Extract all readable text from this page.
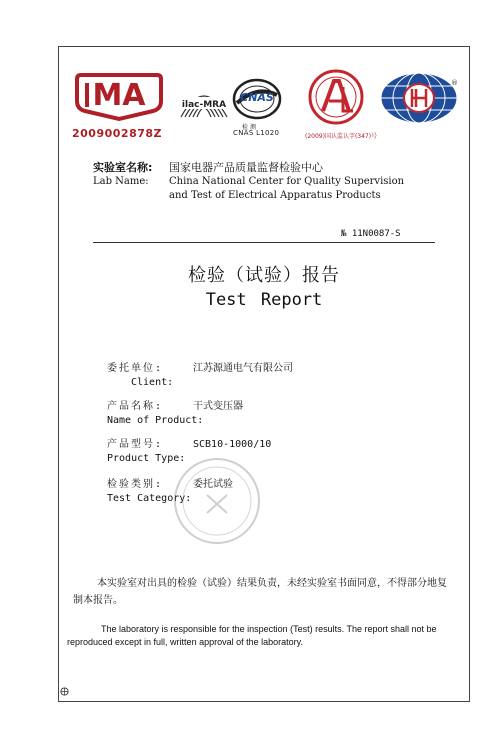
MA
2009002878Z
ilac-MRA
CNAS
检 测
CNAS L1020	(2009)国认监认字(347)号
®
实验室名称: 国家电器产品质量监督检验中心
Lab Name: China National Center for Quality Supervision
and Test of Electrical Apparatus Products
№ 11N0087-S
检验（试验）报告
Test Report
委托单位:	江苏源通电气有限公司
Client:
产品名称:	干式变压器
Name of Product:
产品型号:	SCB10-1000/10
Product Type:
检验类别:	委托试验
Test Category:
本实验室对出具的检验（试验）结果负责，未经实验室书面同意，不得部分地复制本报告。
The laboratory is responsible for the inspection (Test) results. The report shall not be reproduced except in full, written approval of the laboratory.
